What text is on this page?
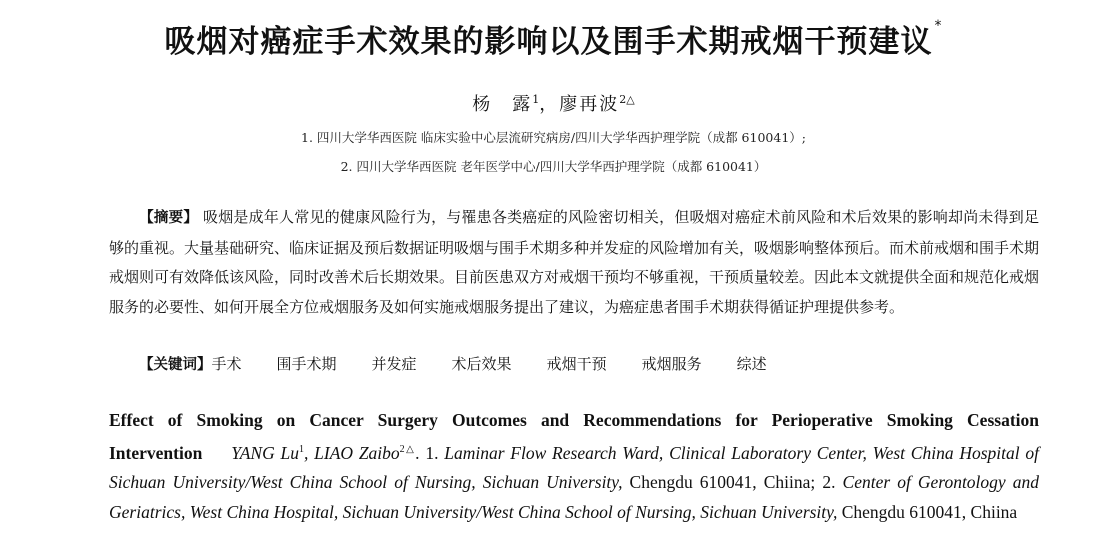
吸烟对癌症手术效果的影响以及围手术期戒烟干预建议 *
杨　露$^1$，廖再波$^{2\triangle}$
1. 四川大学华西医院 临床实验中心层流研究病房/四川大学华西护理学院（成都 610041）;
2. 四川大学华西医院 老年医学中心/四川大学华西护理学院（成都 610041）
【摘要】 吸烟是成年人常见的健康风险行为，与罹患各类癌症的风险密切相关，但吸烟对癌症术前风险和术后效果的影响却尚未得到足够的重视。大量基础研究、临床证据及预后数据证明吸烟与围手术期多种并发症的风险增加有关，吸烟影响整体预后。而术前戒烟和围手术期戒烟则可有效降低该风险，同时改善术后长期效果。目前医患双方对戒烟干预均不够重视，干预质量较差。因此本文就提供全面和规范化戒烟服务的必要性、如何开展全方位戒烟服务及如何实施戒烟服务提出了建议，为癌症患者围手术期获得循证护理提供参考。
【关键词】手术 围手术期 并发症 术后效果 戒烟干预 戒烟服务 综述
Effect of Smoking on Cancer Surgery Outcomes and Recommendations for Perioperative Smoking Cessation Intervention YANG Lu$^1$, LIAO Zaibo$^{2\triangle}$. 1. Laminar Flow Research Ward, Clinical Laboratory Center, West China Hospital of Sichuan University/West China School of Nursing, Sichuan University, Chengdu 610041, Chiina; 2. Center of Gerontology and Geriatrics, West China Hospital, Sichuan University/West China School of Nursing, Sichuan University, Chengdu 610041, Chiina
